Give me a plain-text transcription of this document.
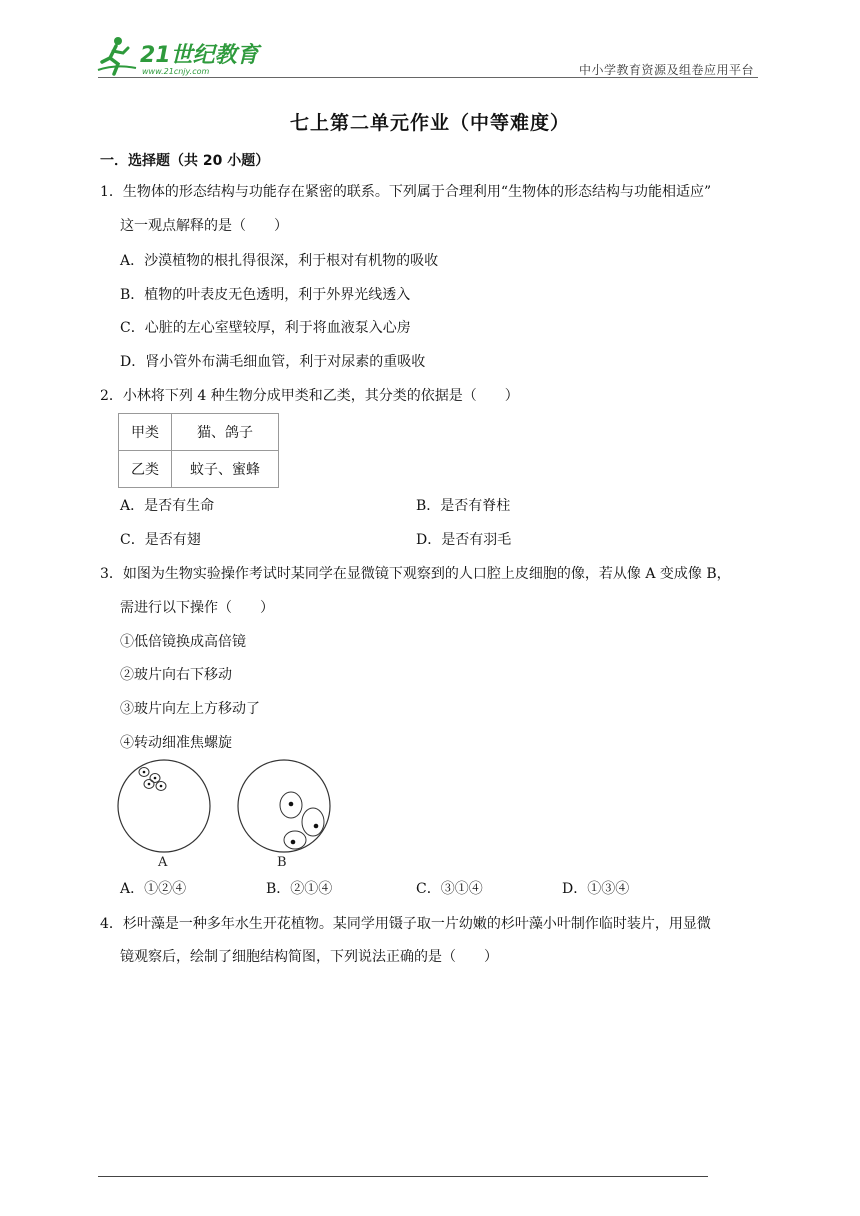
21世纪教育
www.21cnjy.com	中小学教育资源及组卷应用平台
七上第二单元作业（中等难度）
一．选择题（共 20 小题）
1．生物体的形态结构与功能存在紧密的联系。下列属于合理利用“生物体的形态结构与功能相适应”
这一观点解释的是（　　）
A．沙漠植物的根扎得很深，利于根对有机物的吸收
B．植物的叶表皮无色透明，利于外界光线透入
C．心脏的左心室壁较厚，利于将血液泵入心房
D．肾小管外布满毛细血管，利于对尿素的重吸收
2．小林将下列 4 种生物分成甲类和乙类，其分类的依据是（　　）
甲类	猫、鸽子
乙类	蚊子、蜜蜂
A．是否有生命	B．是否有脊柱
C．是否有翅	D．是否有羽毛
3．如图为生物实验操作考试时某同学在显微镜下观察到的人口腔上皮细胞的像，若从像 A 变成像 B，
需进行以下操作（　　）
①低倍镜换成高倍镜
②玻片向右下移动
③玻片向左上方移动了
④转动细准焦螺旋
A	B
A．①②④	B．②①④	C．③①④	D．①③④
4．杉叶藻是一种多年水生开花植物。某同学用镊子取一片幼嫩的杉叶藻小叶制作临时装片，用显微
镜观察后，绘制了细胞结构简图，下列说法正确的是（　　）
